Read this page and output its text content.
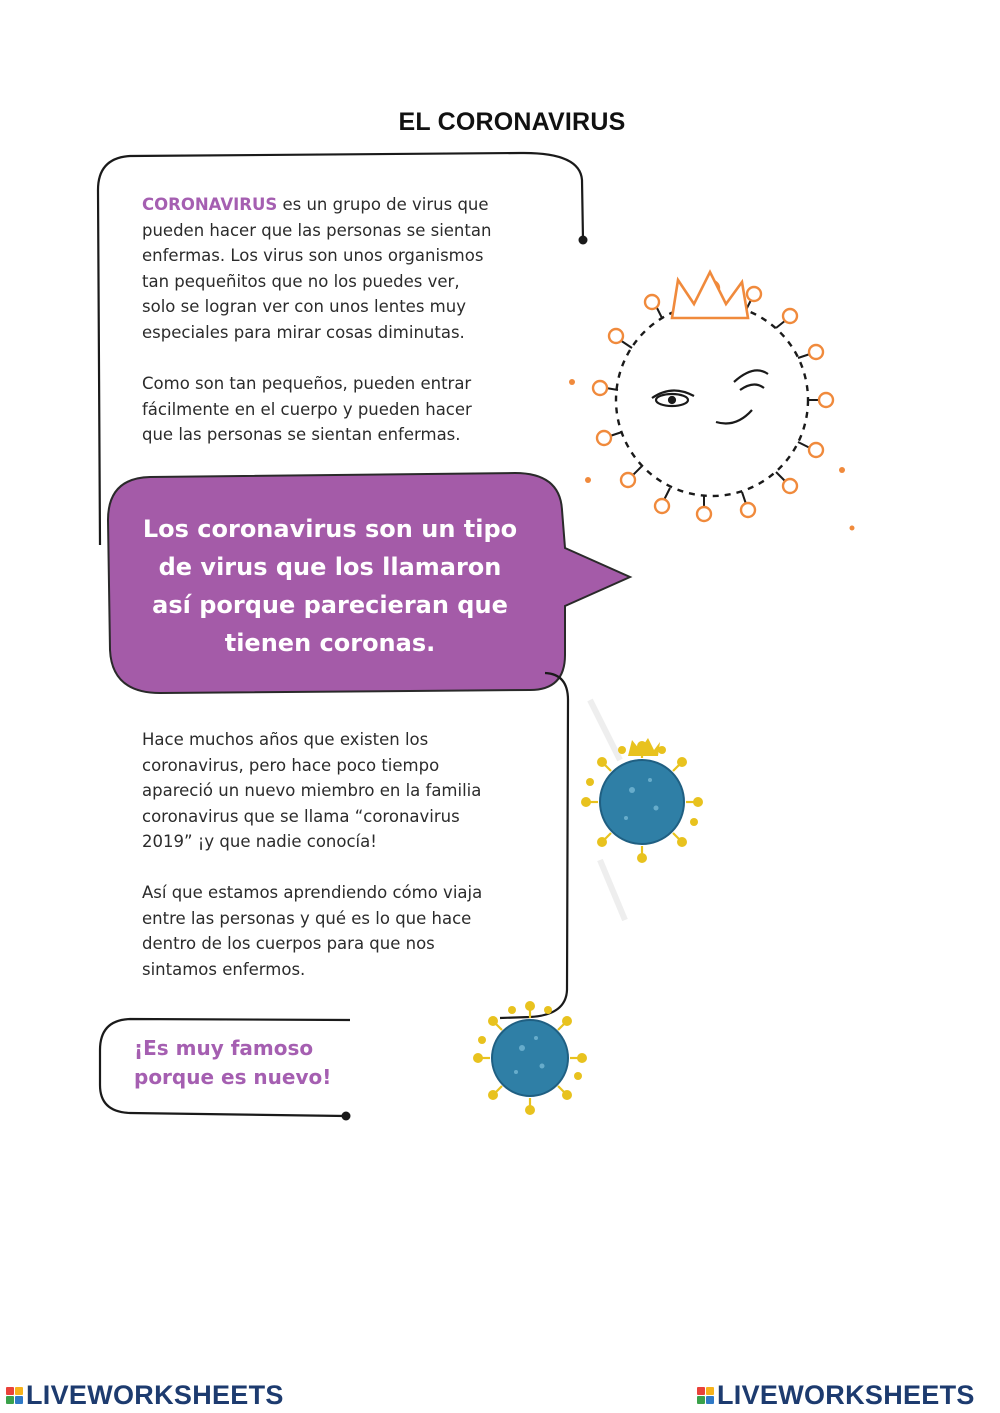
EL CORONAVIRUS
CORONAVIRUS es un grupo de virus que
pueden hacer que las personas se sientan
enfermas. Los virus son unos organismos
tan pequeñitos que no los puedes ver,
solo se logran ver con unos lentes muy
especiales para mirar cosas diminutas.
Como son tan pequeños, pueden entrar
fácilmente en el cuerpo y pueden hacer
que las personas se sientan enfermas.
Los coronavirus son un tipo
de virus que los llamaron
así porque parecieran que
tienen coronas.
Hace muchos años que existen los
coronavirus, pero hace poco tiempo
apareció un nuevo miembro en la familia
coronavirus que se llama “coronavirus
2019” ¡y que nadie conocía!
Así que estamos aprendiendo cómo viaja
entre las personas y qué es lo que hace
dentro de los cuerpos para que nos
sintamos enfermos.
¡Es muy famoso
porque es nuevo!
LIVEWORKSHEETS	LIVEWORKSHEETS
